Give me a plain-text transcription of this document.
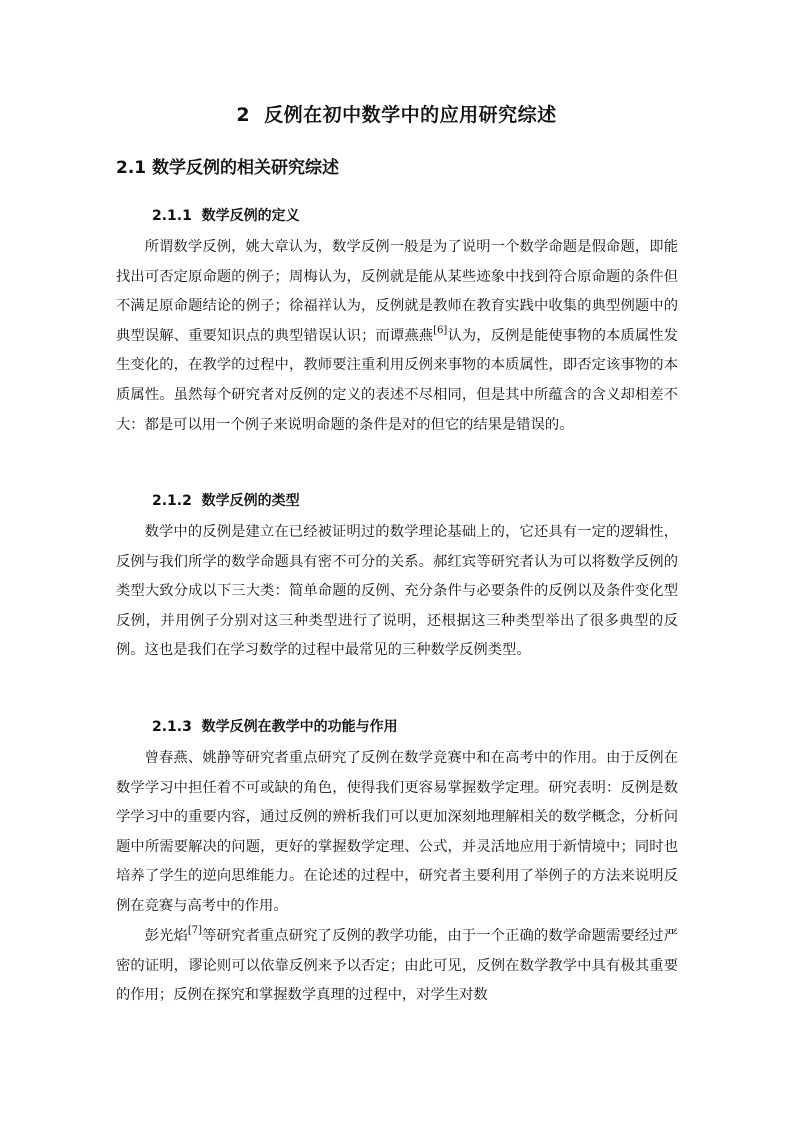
2 反例在初中数学中的应用研究综述
2.1 数学反例的相关研究综述
2.1.1 数学反例的定义

所谓数学反例，姚大章认为，数学反例一般是为了说明一个数学命题是假命题，即能找出可否定原命题的例子；周梅认为，反例就是能从某些迹象中找到符合原命题的条件但不满足原命题结论的例子；徐福祥认为，反例就是教师在教育实践中收集的典型例题中的典型误解、重要知识点的典型错误认识；而谭燕燕[6]认为，反例是能使事物的本质属性发生变化的，在教学的过程中，教师要注重利用反例来事物的本质属性，即否定该事物的本质属性。虽然每个研究者对反例的定义的表述不尽相同，但是其中所蕴含的含义却相差不大：都是可以用一个例子来说明命题的条件是对的但它的结果是错误的。

2.1.2 数学反例的类型

数学中的反例是建立在已经被证明过的数学理论基础上的，它还具有一定的逻辑性，反例与我们所学的数学命题具有密不可分的关系。郝红宾等研究者认为可以将数学反例的类型大致分成以下三大类：简单命题的反例、充分条件与必要条件的反例以及条件变化型反例，并用例子分别对这三种类型进行了说明，还根据这三种类型举出了很多典型的反例。这也是我们在学习数学的过程中最常见的三种数学反例类型。

2.1.3 数学反例在教学中的功能与作用

曾春燕、姚静等研究者重点研究了反例在数学竞赛中和在高考中的作用。由于反例在数学学习中担任着不可或缺的角色，使得我们更容易掌握数学定理。研究表明：反例是数学学习中的重要内容，通过反例的辨析我们可以更加深刻地理解相关的数学概念，分析问题中所需要解决的问题，更好的掌握数学定理、公式，并灵活地应用于新情境中；同时也培养了学生的逆向思维能力。在论述的过程中，研究者主要利用了举例子的方法来说明反例在竞赛与高考中的作用。

彭光焰[7]等研究者重点研究了反例的教学功能，由于一个正确的数学命题需要经过严密的证明，谬论则可以依靠反例来予以否定；由此可见，反例在数学教学中具有极其重要的作用；反例在探究和掌握数学真理的过程中，对学生对数
